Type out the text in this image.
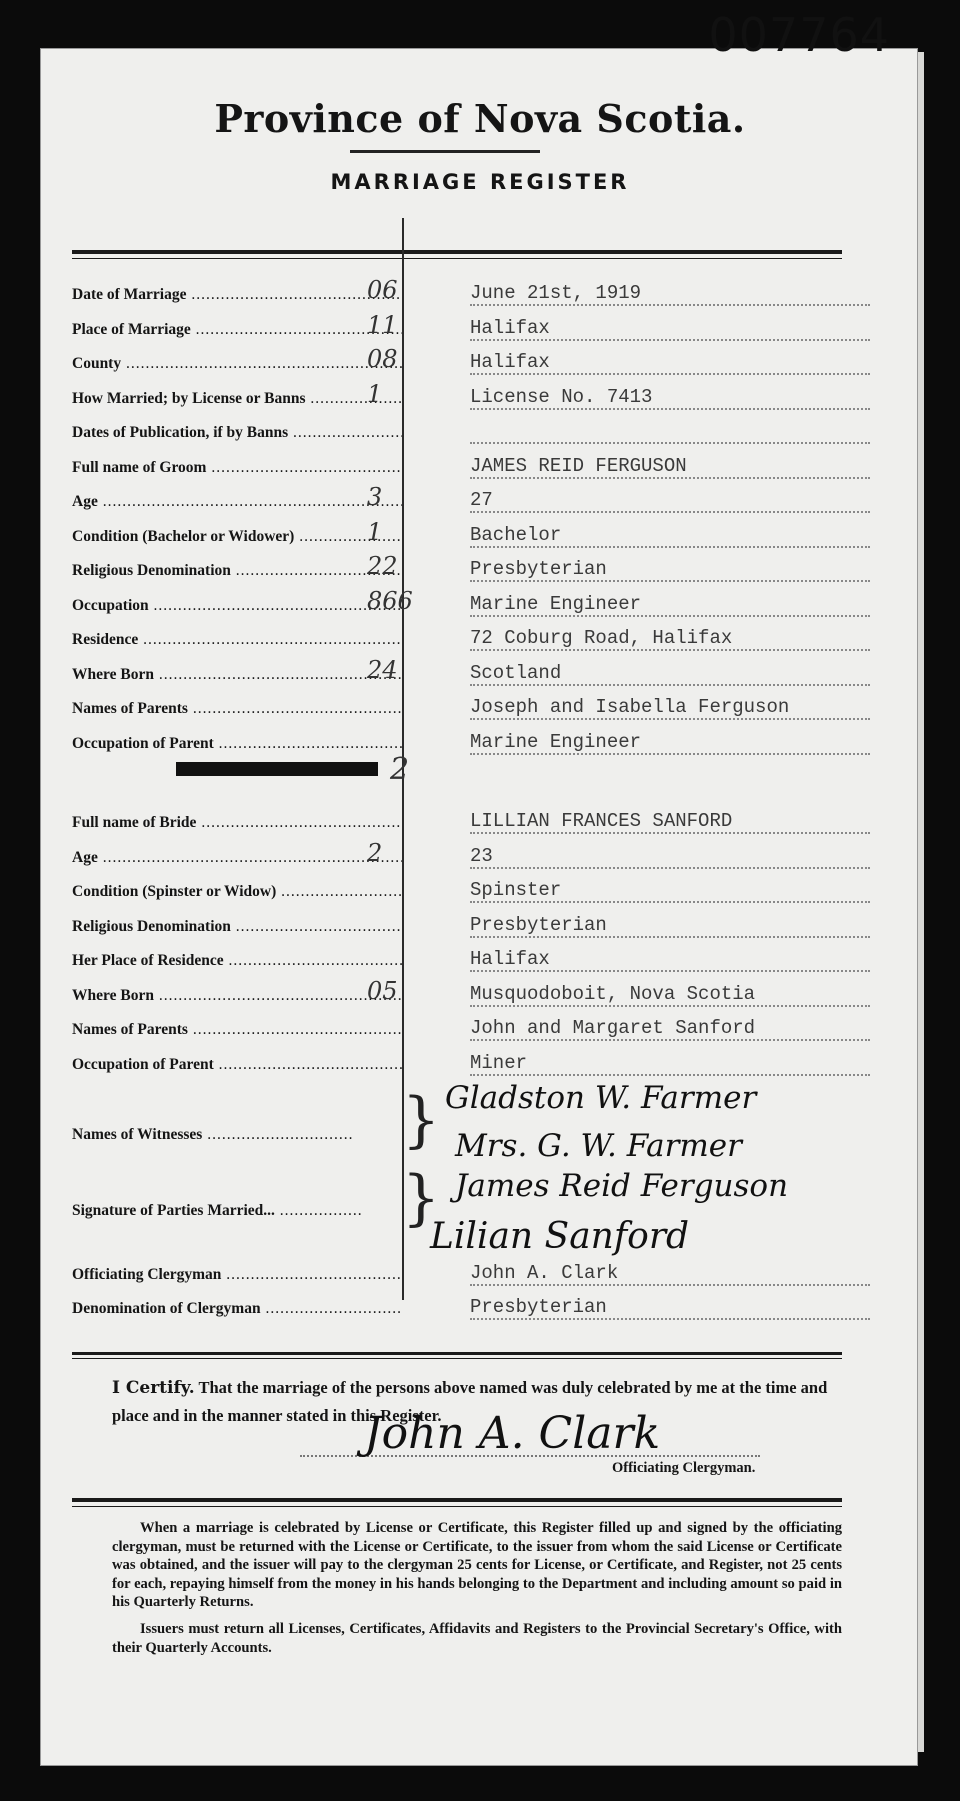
007764
Province of Nova Scotia.
MARRIAGE REGISTER
Date of Marriage .....	06	June 21st, 1919
Place of Marriage .....	11	Halifax
County .....	08	Halifax
How Married; by License or Banns .....	1	License No. 7413
Dates of Publication, if by Banns .....
Full name of Groom .....	JAMES REID FERGUSON
Age .....	3	27
Condition (Bachelor or Widower) .....	1	Bachelor
Religious Denomination .....	22	Presbyterian
Occupation .....	866	Marine Engineer
Residence .....	72 Coburg Road, Halifax
Where Born .....	24	Scotland
Names of Parents .....	Joseph and Isabella Ferguson
Occupation of Parent .....	Marine Engineer
2
Full name of Bride .....	LILLIAN FRANCES SANFORD
Age .....	2	23
Condition (Spinster or Widow) .....	Spinster
Religious Denomination .....	Presbyterian
Her Place of Residence .....	Halifax
Where Born .....	05	Musquodoboit, Nova Scotia
Names of Parents .....	John and Margaret Sanford
Occupation of Parent .....	Miner
Names of Witnesses .....	} Gladston W. Farmer
Mrs. G. W. Farmer
Signature of Parties Married... .....	} James Reid Ferguson
Lilian Sanford
Officiating Clergyman .....	John A. Clark
Denomination of Clergyman .....	Presbyterian
I Certify. That the marriage of the persons above named was duly celebrated by me at the time and place and in the manner stated in this Register.
John A. Clark
Officiating Clergyman.

When a marriage is celebrated by License or Certificate, this Register filled up and signed by the officiating clergyman, must be returned with the License or Certificate, to the issuer from whom the said License or Certificate was obtained, and the issuer will pay to the clergyman 25 cents for License, or Certificate, and Register, not 25 cents for each, repaying himself from the money in his hands belonging to the Department and including amount so paid in his Quarterly Returns.

Issuers must return all Licenses, Certificates, Affidavits and Registers to the Provincial Secretary's Office, with their Quarterly Accounts.
